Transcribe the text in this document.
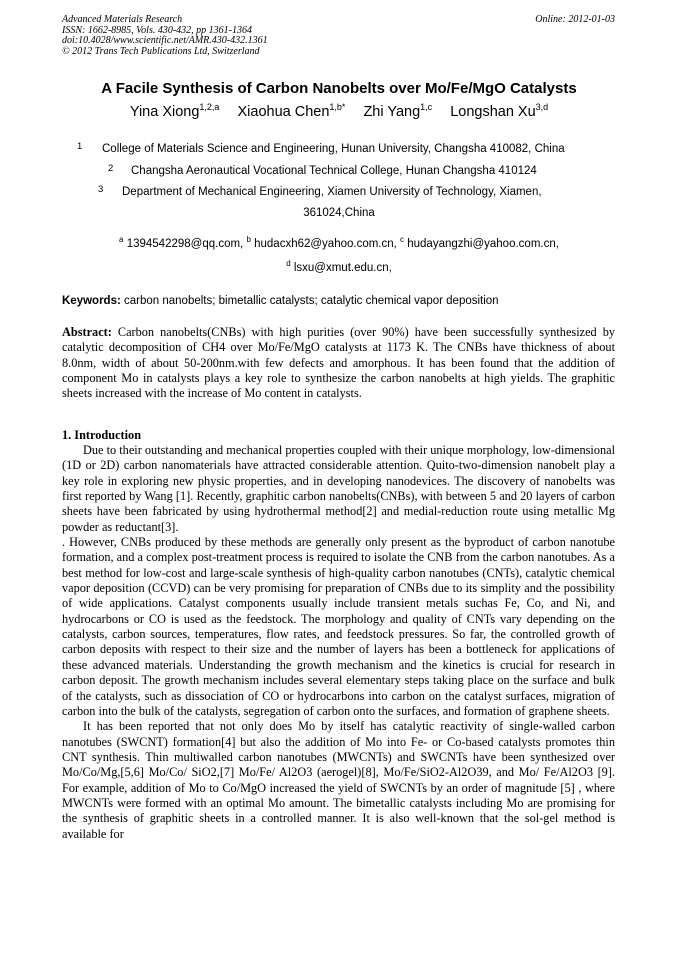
Advanced Materials Research
ISSN: 1662-8985, Vols. 430-432, pp 1361-1364
doi:10.4028/www.scientific.net/AMR.430-432.1361
© 2012 Trans Tech Publications Ltd, Switzerland
Online: 2012-01-03
A Facile Synthesis of Carbon Nanobelts over Mo/Fe/MgO Catalysts
Yina Xiong$^{1,2,a}$ Xiaohua Chen$^{1,b*}$ Zhi Yang$^{1,c}$ Longshan Xu$^{3,d}$
1 College of Materials Science and Engineering, Hunan University, Changsha 410082, China
2 Changsha Aeronautical Vocational Technical College, Hunan Changsha 410124
3 Department of Mechanical Engineering, Xiamen University of Technology, Xiamen,
361024,China
$^a$ 1394542298@qq.com, $^b$ hudacxh62@yahoo.com.cn, $^c$ hudayangzhi@yahoo.com.cn,
$^d$ lsxu@xmut.edu.cn,
Keywords: carbon nanobelts; bimetallic catalysts; catalytic chemical vapor deposition

Abstract: Carbon nanobelts(CNBs) with high purities (over 90%) have been successfully synthesized by catalytic decomposition of CH4 over Mo/Fe/MgO catalysts at 1173 K. The CNBs have thickness of about 8.0nm, width of about 50-200nm.with few defects and amorphous. It has been found that the addition of component Mo in catalysts plays a key role to synthesize the carbon nanobelts at high yields. The graphitic sheets increased with the increase of Mo content in catalysts.

1. Introduction

Due to their outstanding and mechanical properties coupled with their unique morphology, low-dimensional (1D or 2D) carbon nanomaterials have attracted considerable attention. Quito-two-dimension nanobelt play a key role in exploring new physic properties, and in developing nanodevices. The discovery of nanobelts was first reported by Wang [1]. Recently, graphitic carbon nanobelts(CNBs), with between 5 and 20 layers of carbon sheets have been fabricated by using hydrothermal method[2] and medial-reduction route using metallic Mg powder as reductant[3].

. However, CNBs produced by these methods are generally only present as the byproduct of carbon nanotube formation, and a complex post-treatment process is required to isolate the CNB from the carbon nanotubes. As a best method for low-cost and large-scale synthesis of high-quality carbon nanotubes (CNTs), catalytic chemical vapor deposition (CCVD) can be very promising for preparation of CNBs due to its simplity and the possibility of wide applications. Catalyst components usually include transient metals suchas Fe, Co, and Ni, and hydrocarbons or CO is used as the feedstock. The morphology and quality of CNTs vary depending on the catalysts, carbon sources, temperatures, flow rates, and feedstock pressures. So far, the controlled growth of carbon deposits with respect to their size and the number of layers has been a bottleneck for applications of these advanced materials. Understanding the growth mechanism and the kinetics is crucial for research in carbon deposit. The growth mechanism includes several elementary steps taking place on the surface and bulk of the catalysts, such as dissociation of CO or hydrocarbons into carbon on the catalyst surfaces, migration of carbon into the bulk of the catalysts, segregation of carbon onto the surfaces, and formation of graphene sheets.

It has been reported that not only does Mo by itself has catalytic reactivity of single-walled carbon nanotubes (SWCNT) formation[4] but also the addition of Mo into Fe- or Co-based catalysts promotes thin CNT synthesis. Thin multiwalled carbon nanotubes (MWCNTs) and SWCNTs have been synthesized over Mo/Co/Mg,[5,6] Mo/Co/ SiO2,[7] Mo/Fe/ Al2O3 (aerogel)[8], Mo/Fe/SiO2-Al2O39, and Mo/ Fe/Al2O3 [9]. For example, addition of Mo to Co/MgO increased the yield of SWCNTs by an order of magnitude [5] , where MWCNTs were formed with an optimal Mo amount. The bimetallic catalysts including Mo are promising for the synthesis of graphitic sheets in a controlled manner. It is also well-known that the sol-gel method is available for
